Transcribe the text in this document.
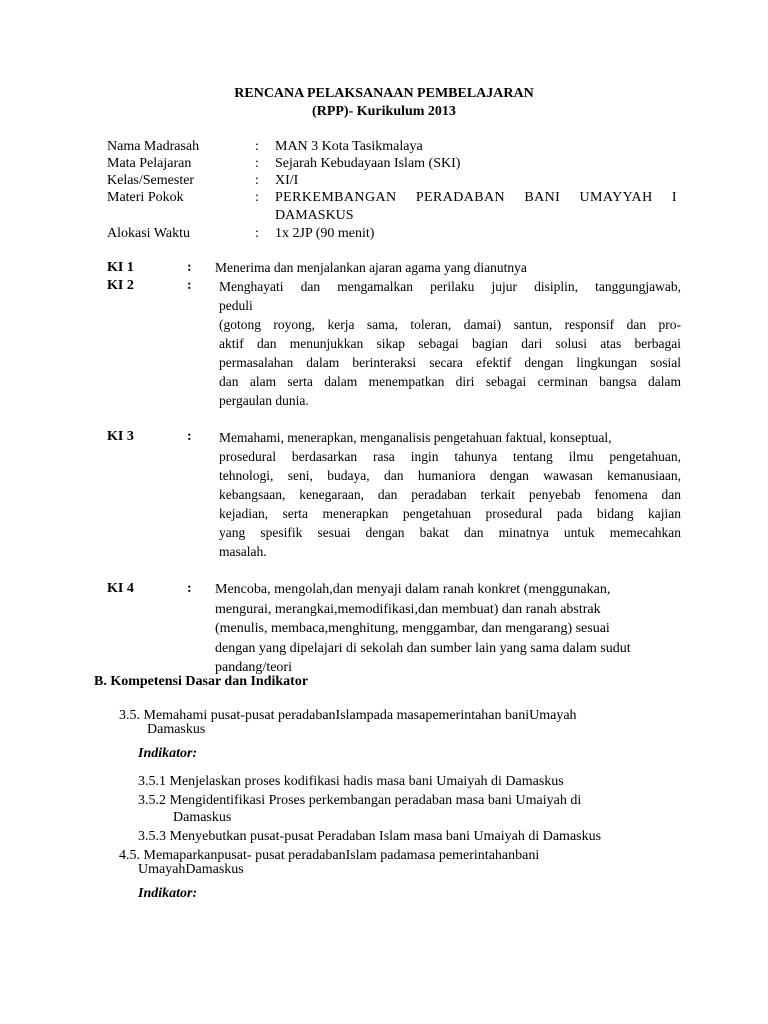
RENCANA PELAKSANAAN PEMBELAJARAN
(RPP)- Kurikulum 2013
Nama Madrasah	: MAN 3 Kota Tasikmalaya
Mata Pelajaran	: Sejarah Kebudayaan Islam (SKI)
Kelas/Semester	: XI/I
Materi Pokok	: PERKEMBANGAN PERADABAN BANI UMAYYAH I
DAMASKUS
Alokasi Waktu	: 1x 2JP (90 menit)
KI 1	: Menerima dan menjalankan ajaran agama yang dianutnya
KI 2	: Menghayati dan mengamalkan perilaku jujur disiplin, tanggungjawab,
peduli
(gotong royong, kerja sama, toleran, damai) santun, responsif dan pro-
aktif dan menunjukkan sikap sebagai bagian dari solusi atas berbagai
permasalahan dalam berinteraksi secara efektif dengan lingkungan sosial
dan alam serta dalam menempatkan diri sebagai cerminan bangsa dalam
pergaulan dunia.
KI 3	: Memahami, menerapkan, menganalisis pengetahuan faktual, konseptual,
prosedural berdasarkan rasa ingin tahunya tentang ilmu pengetahuan,
tehnologi, seni, budaya, dan humaniora dengan wawasan kemanusiaan,
kebangsaan, kenegaraan, dan peradaban terkait penyebab fenomena dan
kejadian, serta menerapkan pengetahuan prosedural pada bidang kajian
yang spesifik sesuai dengan bakat dan minatnya untuk memecahkan
masalah.
KI 4	: Mencoba, mengolah,dan menyaji dalam ranah konkret (menggunakan,
mengurai, merangkai,memodifikasi,dan membuat) dan ranah abstrak
(menulis, membaca,menghitung, menggambar, dan mengarang) sesuai
dengan yang dipelajari di sekolah dan sumber lain yang sama dalam sudut
pandang/teori
B. Kompetensi Dasar dan Indikator
3.5. Memahami pusat-pusat peradabanIslampada masapemerintahan baniUmayah
Damaskus
Indikator:
3.5.1 Menjelaskan proses kodifikasi hadis masa bani Umaiyah di Damaskus
3.5.2 Mengidentifikasi Proses perkembangan peradaban masa bani Umaiyah di
Damaskus
3.5.3 Menyebutkan pusat-pusat Peradaban Islam masa bani Umaiyah di Damaskus
4.5. Memaparkanpusat- pusat peradabanIslam padamasa pemerintahanbani
UmayahDamaskus
Indikator:
